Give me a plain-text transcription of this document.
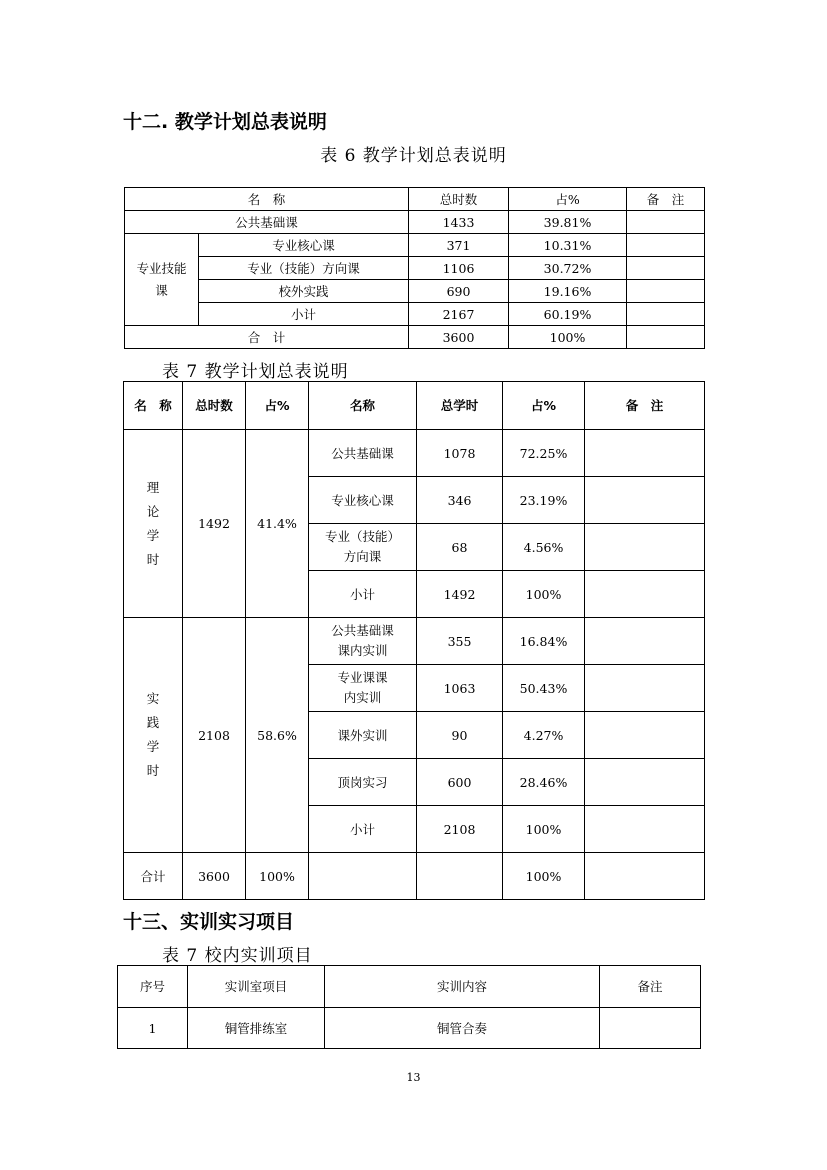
十二. 教学计划总表说明
表 6 教学计划总表说明
名　称		总时数	占%	备　注
公共基础课		1433	39.81%	
专业技能课	专业核心课	371	10.31%	
	专业（技能）方向课	1106	30.72%	
	校外实践	690	19.16%	
	小计	2167	60.19%	
合　计		3600	100%	
表 7 教学计划总表说明
名　称	总时数	占%	名称	总学时	占%	备　注

理论学时	1492	41.4%	公共基础课	1078	72.25%	
			专业核心课	346	23.19%	
			专业（技能）方向课	68	4.56%	
			小计	1492	100%	

实践学时	2108	58.6%	公共基础课课内实训	355	16.84%	
			专业课课内实训	1063	50.43%	
			课外实训	90	4.27%	
			顶岗实习	600	28.46%	
			小计	2108	100%	
合计	3600	100%			100%	
十三、实训实习项目
表 7 校内实训项目
序号	实训室项目	实训内容	备注
1	铜管排练室	铜管合奏	
13
